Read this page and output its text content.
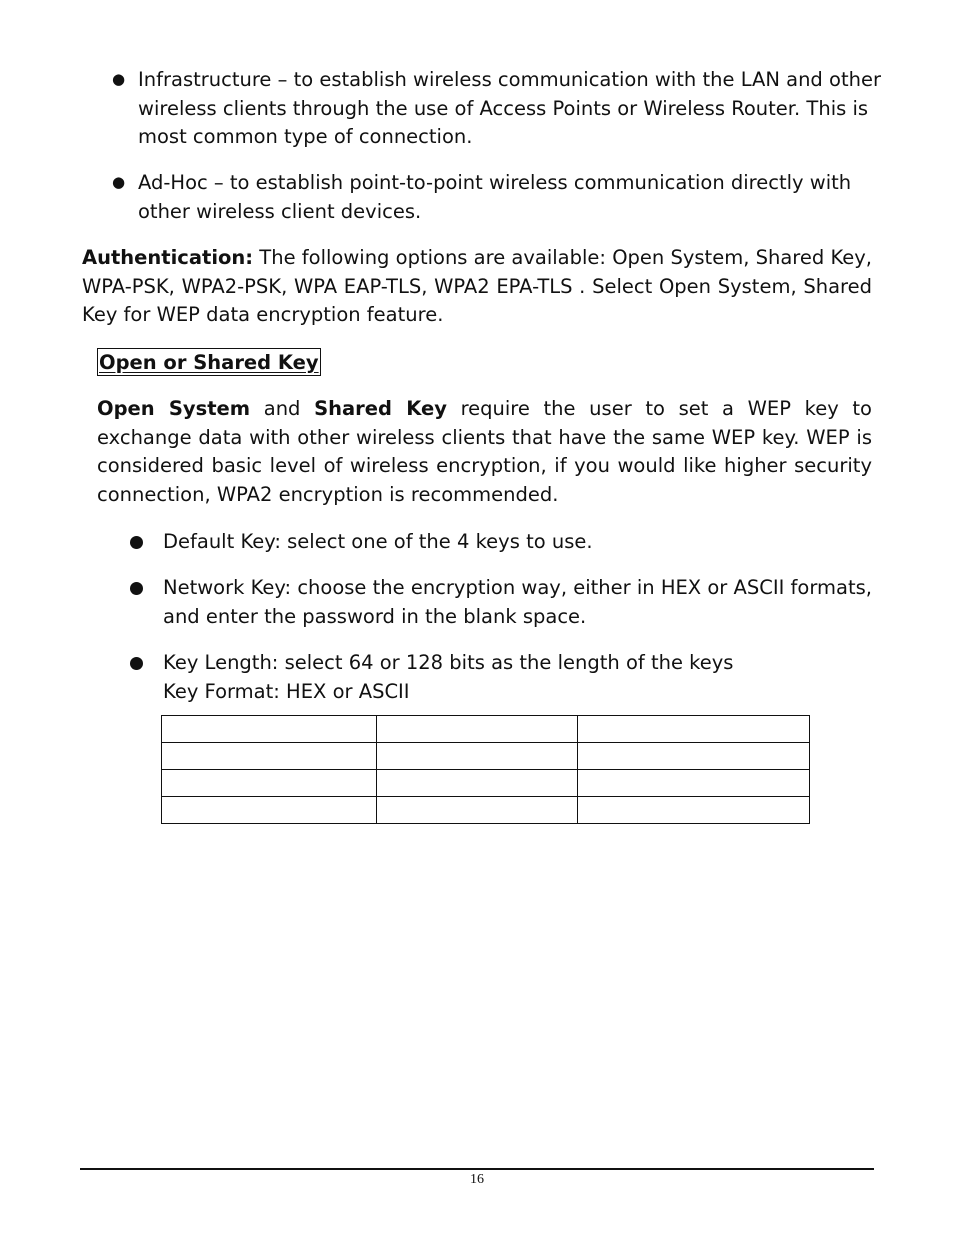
● Infrastructure – to establish wireless communication with the LAN and other
wireless clients through the use of Access Points or Wireless Router. This is
most common type of connection.
● Ad-Hoc – to establish point-to-point wireless communication directly with
other wireless client devices.
Authentication: The following options are available: Open System, Shared Key, WPA-PSK, WPA2-PSK, WPA EAP-TLS, WPA2 EPA-TLS . Select Open System, Shared Key for WEP data encryption feature.
Open or Shared Key
Open System and Shared Key require the user to set a WEP key to exchange data with other wireless clients that have the same WEP key. WEP is considered basic level of wireless encryption, if you would like higher security connection, WPA2 encryption is recommended.
Default Key: select one of the 4 keys to use.
Network Key: choose the encryption way, either in HEX or ASCII formats,
and enter the password in the blank space.
Key Length: select 64 or 128 bits as the length of the keys
Key Format: HEX or ASCII

16
